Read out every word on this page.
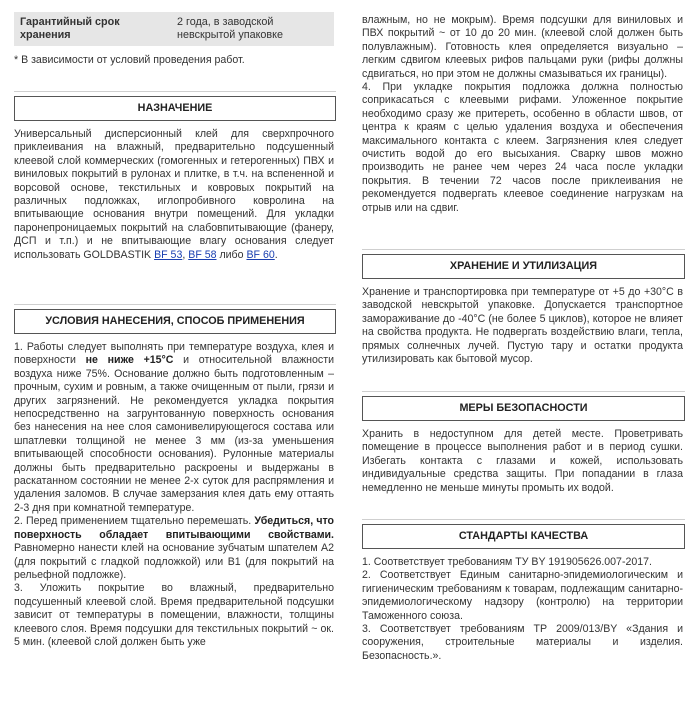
Гарантийный срок хранения
2 года, в заводской невскрытой упаковке
* В зависимости от условий проведения работ.
НАЗНАЧЕНИЕ

Универсальный дисперсионный клей для сверхпрочного приклеивания на влажный, предварительно подсушенный клеевой слой коммерческих (гомогенных и гетерогенных) ПВХ и виниловых покрытий в рулонах и плитке, в т.ч. на вспененной и ворсовой основе, текстильных и ковровых покрытий на различных подложках, иглопробивного ковролина на впитывающие основания внутри помещений. Для укладки паронепроницаемых покрытий на слабовпитывающие (фанеру, ДСП и т.п.) и не впитывающие влагу основания следует использовать GOLDBASTIK BF 53, BF 58 либо BF 60.

УСЛОВИЯ НАНЕСЕНИЯ, СПОСОБ ПРИМЕНЕНИЯ

1. Работы следует выполнять при температуре воздуха, клея и поверхности не ниже +15°С и относительной влажности воздуха ниже 75%. Основание должно быть подготовленным – прочным, сухим и ровным, а также очищенным от пыли, грязи и других загрязнений. Не рекомендуется укладка покрытия непосредственно на загрунтованную поверхность основания без нанесения на нее слоя самонивелирующегося состава или шпатлевки толщиной не менее 3 мм (из-за уменьшения впитывающей способности основания). Рулонные материалы должны быть предварительно раскроены и выдержаны в раскатанном состоянии не менее 2-х суток для распрямления и удаления заломов. В случае замерзания клея дать ему оттаять 2-3 дня при комнатной температуре.

2. Перед применением тщательно перемешать. Убедиться, что поверхность обладает впитывающими свойствами. Равномерно нанести клей на основание зубчатым шпателем А2 (для покрытий с гладкой подложкой) или В1 (для покрытий на рельефной подложке).

3. Уложить покрытие во влажный, предварительно подсушенный клеевой слой. Время предварительной подсушки зависит от температуры в помещении, влажности, толщины клеевого слоя. Время подсушки для текстильных покрытий ~ ок. 5 мин. (клеевой слой должен быть уже

влажным, но не мокрым). Время подсушки для виниловых и ПВХ покрытий ~ от 10 до 20 мин. (клеевой слой должен быть полувлажным). Готовность клея определяется визуально – легким сдвигом клеевых рифов пальцами руки (рифы должны сдвигаться, но при этом не должны смазываться их границы).

4. При укладке покрытия подложка должна полностью соприкасаться с клеевыми рифами. Уложенное покрытие необходимо сразу же притереть, особенно в области швов, от центра к краям с целью удаления воздуха и обеспечения максимального контакта с клеем. Загрязнения клея следует очистить водой до его высыхания. Сварку швов можно производить не ранее чем через 24 часа после укладки покрытия. В течении 72 часов после приклеивания не рекомендуется подвергать клеевое соединение нагрузкам на отрыв или на сдвиг.

ХРАНЕНИЕ И УТИЛИЗАЦИЯ

Хранение и транспортировка при температуре от +5 до +30°С в заводской невскрытой упаковке. Допускается транспортное замораживание до -40°С (не более 5 циклов), которое не влияет на свойства продукта. Не подвергать воздействию влаги, тепла, прямых солнечных лучей. Пустую тару и остатки продукта утилизировать как бытовой мусор.

МЕРЫ БЕЗОПАСНОСТИ

Хранить в недоступном для детей месте. Проветривать помещение в процессе выполнения работ и в период сушки. Избегать контакта с глазами и кожей, использовать индивидуальные средства защиты. При попадании в глаза немедленно не меньше минуты промыть их водой.

СТАНДАРТЫ КАЧЕСТВА

1. Соответствует требованиям ТУ BY 191905626.007-2017.

2. Соответствует Единым санитарно-эпидемиологическим и гигиеническим требованиям к товарам, подлежащим санитарно-эпидемиологическому надзору (контролю) на территории Таможенного союза.

3. Соответствует требованиям ТР 2009/013/BY «Здания и сооружения, строительные материалы и изделия. Безопасность.».
